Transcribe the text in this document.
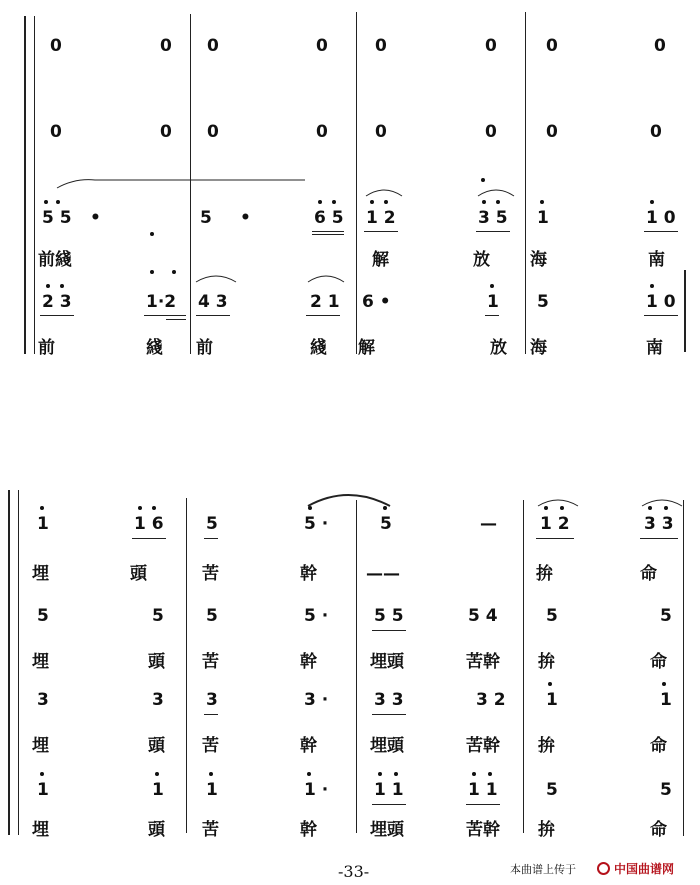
0	0 0	0	0	0	0	0
0	0 0	0	0	0	0	0
5 5 •	5 •	6 5 1 2	3 5 1	1 0
前綫	解	放 海	南
2 3	1·2 4 3	2 1 6 •	1 5	1 0
前	綫 前	綫 解	放 海	南
1	1 6 5	5 ·	5	—	1 2	3 3
埋	頭	苦	幹	——	拚	命
5	5 5	5 ·	5 5	5 4	5	5
埋	頭 苦	幹	埋頭	苦幹 拚	命
3	3 3	3 ·	3 3	3 2 1	1
埋	頭 苦	幹	埋頭	苦幹 拚	命
1	1 1	1 ·	1 1	1 1	5	5
埋	頭 苦	幹	埋頭	苦幹 拚	命
-33-	本曲谱上传于	中国曲谱网
